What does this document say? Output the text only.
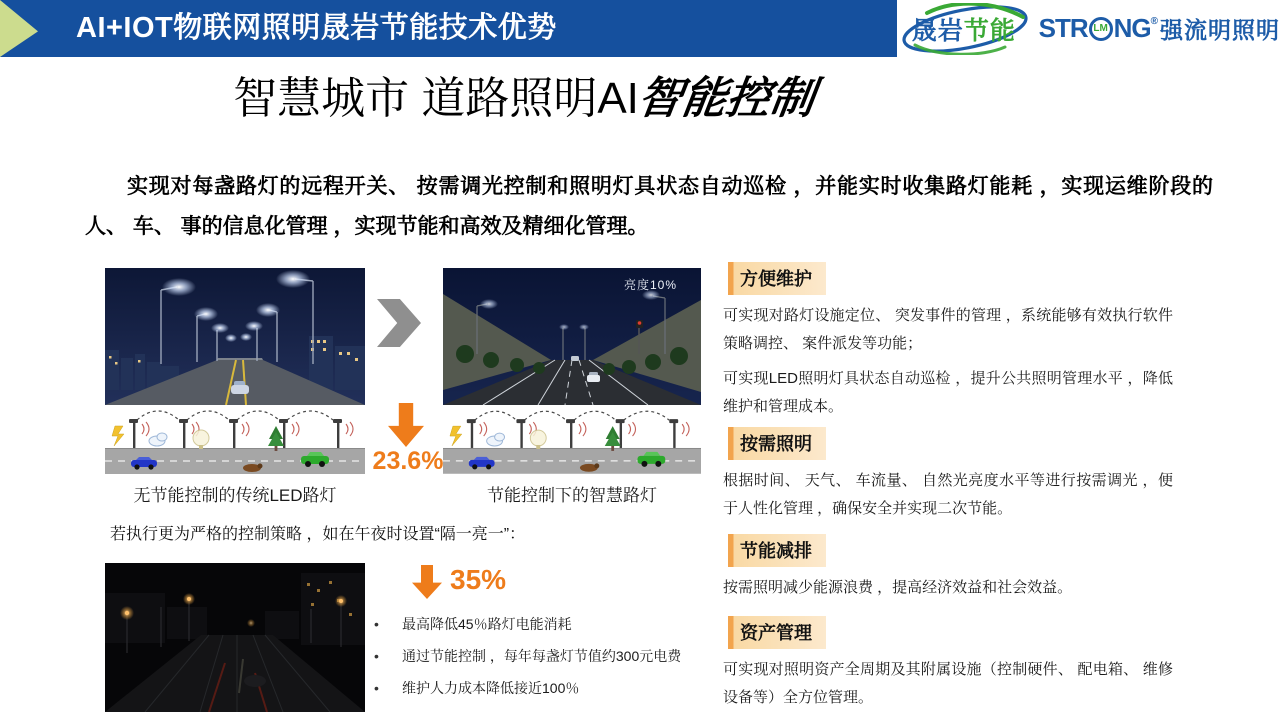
AI+IOT物联网照明晟岩节能技术优势	晟岩节能 STR LM NG® 强流明照明
智慧城市 道路照明AI智能控制
实现对每盏路灯的远程开关、 按需调光控制和照明灯具状态自动巡检 ，并能实时收集路灯能耗 ，实现运维阶段的人、 车、 事的信息化管理 ，实现节能和高效及精细化管理。
亮度10%
23.6%
无节能控制的传统LED路灯	节能控制下的智慧路灯
若执行更为严格的控制策略 ，如在午夜时设置“隔一亮一”：
35%
• 最高降低45％路灯电能消耗
• 通过节能控制 ，每年每盏灯节值约300元电费
• 维护人力成本降低接近100％
方便维护

可实现对路灯设施定位、 突发事件的管理 ，系统能够有效执行软件策略调控、 案件派发等功能；

可实现LED照明灯具状态自动巡检 ，提升公共照明管理水平 ，降低维护和管理成本。

按需照明

根据时间、 天气、 车流量、 自然光亮度水平等进行按需调光 ，便于人性化管理 ，确保安全并实现二次节能。

节能减排

按需照明减少能源浪费 ，提高经济效益和社会效益。

资产管理

可实现对照明资产全周期及其附属设施（控制硬件、 配电箱、 维修设备等）全方位管理。
